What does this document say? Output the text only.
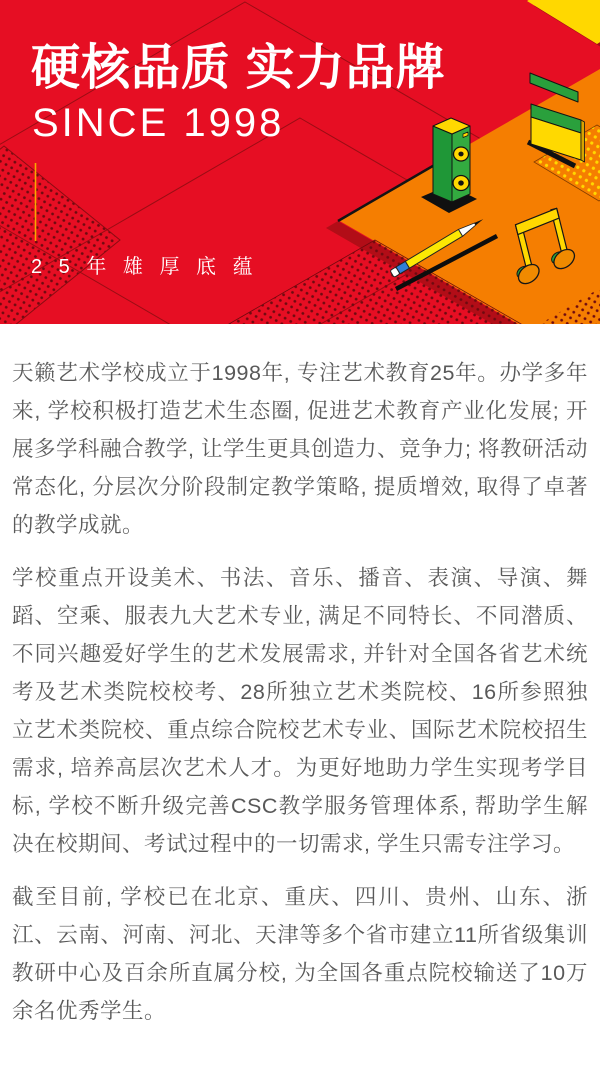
硬核品质 实力品牌
SINCE 1998
2 5 年 雄 厚 底 蕴

天籁艺术学校成立于1998年, 专注艺术教育25年。办学多年来, 学校积极打造艺术生态圈, 促进艺术教育产业化发展; 开展多学科融合教学, 让学生更具创造力、竞争力; 将教研活动常态化, 分层次分阶段制定教学策略, 提质增效, 取得了卓著的教学成就。

学校重点开设美术、书法、音乐、播音、表演、导演、舞蹈、空乘、服表九大艺术专业, 满足不同特长、不同潜质、不同兴趣爱好学生的艺术发展需求, 并针对全国各省艺术统考及艺术类院校校考、28所独立艺术类院校、16所参照独立艺术类院校、重点综合院校艺术专业、国际艺术院校招生需求, 培养高层次艺术人才。为更好地助力学生实现考学目标, 学校不断升级完善CSC教学服务管理体系, 帮助学生解决在校期间、考试过程中的一切需求, 学生只需专注学习。

截至目前, 学校已在北京、重庆、四川、贵州、山东、浙江、云南、河南、河北、天津等多个省市建立11所省级集训教研中心及百余所直属分校, 为全国各重点院校输送了10万余名优秀学生。
